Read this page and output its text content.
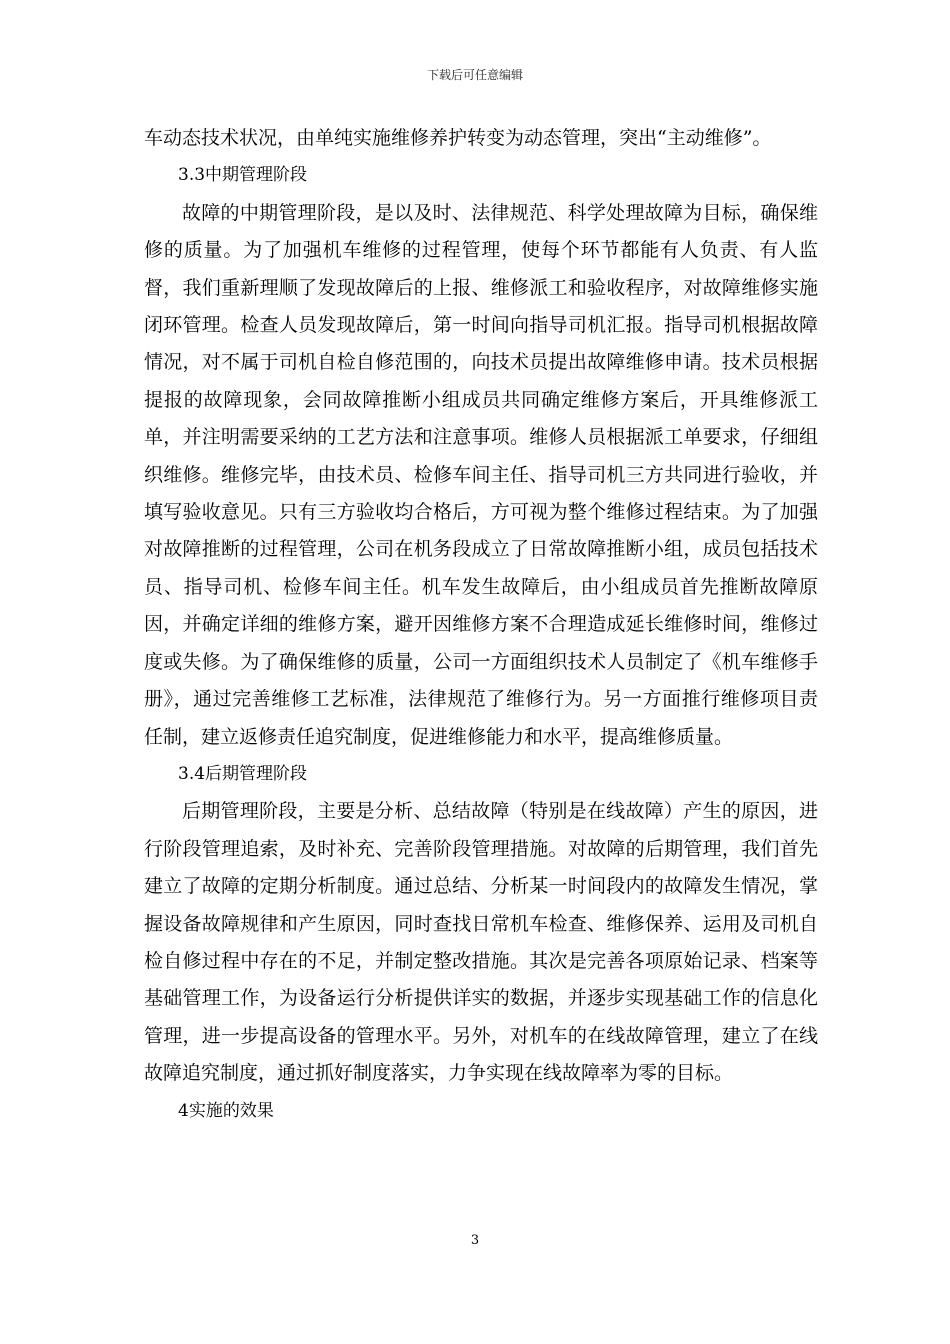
下载后可任意编辑

车动态技术状况，由单纯实施维修养护转变为动态管理，突出“主动维修”。

3.3中期管理阶段

故障的中期管理阶段，是以及时、法律规范、科学处理故障为目标，确保维修的质量。为了加强机车维修的过程管理，使每个环节都能有人负责、有人监督，我们重新理顺了发现故障后的上报、维修派工和验收程序，对故障维修实施闭环管理。检查人员发现故障后，第一时间向指导司机汇报。指导司机根据故障情况，对不属于司机自检自修范围的，向技术员提出故障维修申请。技术员根据提报的故障现象，会同故障推断小组成员共同确定维修方案后，开具维修派工单，并注明需要采纳的工艺方法和注意事项。维修人员根据派工单要求，仔细组织维修。维修完毕，由技术员、检修车间主任、指导司机三方共同进行验收，并填写验收意见。只有三方验收均合格后，方可视为整个维修过程结束。为了加强对故障推断的过程管理，公司在机务段成立了日常故障推断小组，成员包括技术员、指导司机、检修车间主任。机车发生故障后，由小组成员首先推断故障原因，并确定详细的维修方案，避开因维修方案不合理造成延长维修时间，维修过度或失修。为了确保维修的质量，公司一方面组织技术人员制定了《机车维修手册》，通过完善维修工艺标准，法律规范了维修行为。另一方面推行维修项目责任制，建立返修责任追究制度，促进维修能力和水平，提高维修质量。

3.4后期管理阶段

后期管理阶段，主要是分析、总结故障（特别是在线故障）产生的原因，进行阶段管理追索，及时补充、完善阶段管理措施。对故障的后期管理，我们首先建立了故障的定期分析制度。通过总结、分析某一时间段内的故障发生情况，掌握设备故障规律和产生原因，同时查找日常机车检查、维修保养、运用及司机自检自修过程中存在的不足，并制定整改措施。其次是完善各项原始记录、档案等基础管理工作，为设备运行分析提供详实的数据，并逐步实现基础工作的信息化管理，进一步提高设备的管理水平。另外，对机车的在线故障管理，建立了在线故障追究制度，通过抓好制度落实，力争实现在线故障率为零的目标。

4实施的效果

3
